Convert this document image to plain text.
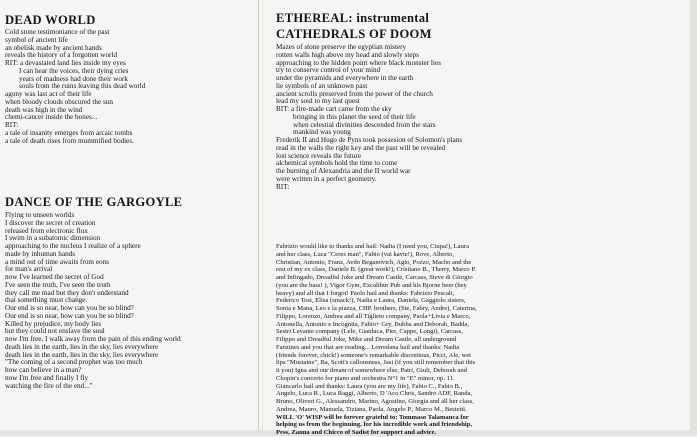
DEAD WORLD
Cold stone testimoniance of the past
symbol of ancient life
an obelisk made by ancient hands
reveals the history of a forgotten world
RIT: a devastated land lies inside my eyes
I can hear the voices, their dying cries
years of madness had done their work
souls from the ruins leaving this dead world
agony was last act of their life
when bloody clouds obscured the sun
death was high in the wind
chemi-cancer inside the bones...
RIT:
a tale of insanity emerges from arcaic tombs
a tale of death rises from mummified bodies.
DANCE OF THE GARGOYLE
Flying to unseen worlds
I discover the secret of creation
released from electronic flux
I swim in a subatomic dimension
approaching to the nucleus I realize of a sphere
made by inhuman hands
a mind out of time awaits from eons
for man's arrival
now I've learned the secret of God
I've seen the truth, I've seen the truth
they call me mad but they don't understand
that something must change.
Our end is so near, how can you be so blind?
Our end is so near, how can you be so blind?
Killed by prejudice, my body lies
but they could not enslave the soul
now I'm free, I walk away from the pain of this ending world
death lies in the earth, lies in the sky, lies everywhere
death lies in the earth, lies in the sky, lies everywhere
"The coming of a second prophet was too much
how can believe in a man?
now I'm free and finally I fly
watching the fire of the end..."
ETHEREAL: instrumental
CATHEDRALS OF DOOM
Mazes of stone preserve the egyptian mistery
rotten walls high above my head and slowly steps
approaching to the hidden point where black monster lies
try to conserve control of your mind
under the pyramids and everywhere in the earth
lie symbols of an unknown past
ancient scrolls preserved from the power of the church
lead my soul to my last quest
RIT: a fire-made cart came from the sky
bringing in this planet the seed of their life
when celestial divinities descended from the stars
mankind was young
Frederik II and Hugo de Pyns took possesion of Solomon's plans
read in the walls the right key and the past will be revealed
lost science reveals the future
alchemical symbols hold the time to come
the burning of Alexandria and the II world war
were written in a perfect geometry.
RIT:
Fabrizio would like to thanks and hail: Nadia (I need you, Ciupa!), Laura
and her class, Luca "Ceres man", Fabio (vai kavie!), Rove, Alberto,
Christian, Antonio, Franz, Avdo Beganovich, Agio, Pozzo, Macho and the
rest of my ex class, Daniele B. (great work!), Cristiano B., Therry, Marco P.
and Infingado, Dreadful Joke and Dream Castle, Carcass, Steve di Giorgio
(you are the bass! ), Vigor Gym, Excalibur Pub and his Bjorne beer (hey
heavy) and all that I forgot! Paolo hail and thanks: Fabrizio Pescali,
Federico Tosi, Elisa (smack!), Nadia e Laura, Daniela, Gaggiolo sisters,
Sonia e Mana, Leo e la piazza, CHP. brothers, (Ste, Fabry, Andre), Caterina,
Filippo, Lorenzo, Andrea and all Tiglieto company, Paola+Livia e Marco,
Antonella, Antonio e Incognita, Fabio+ Gry, Bubba and Deborah, Badda,
Sestri Levante company (Lele, Gianluca, Pier, Cappe, Longi), Carcass,
Filippo and Dreadful Joke, Mike and Dream Castle, all underground
Fanzines and you that are reading... Lorredana hail and thanks: Nadia
(friends forever, chick!) someone's remarkable discretious, Picci, Ale, wet
lips "Mustaine", Ba, Scott's callousness, Jasi (if you still remember that this
it you) Igna and our dream of somewhere else, Patri, Giuli, Deborah and
Chopin's concerto for piano and orchestra N°1 in "E" minor, op. 11.
Giancarlo hail and thanks: Laura (you are my life), Fabio C., Fabio B.,
Angelo, Luca R., Luca Raggi, Alberto, D 'Aco Chris, Sandro ADF, Randa,
Bruno, Oliveri G., Alessandro, Marino, Agostino, Giorgia and all her class,
Andrea, Mauro, Manuela, Tiziana, Paola, Angelo P., Marco M., Bestetti.
WILL 'O' WISP will be forever grateful to: Tommaso Talamanca for
helping us from the beginning, for his incredible work and friendship,
Pess, Zanna and Chicco of Sadist for support and advice.
